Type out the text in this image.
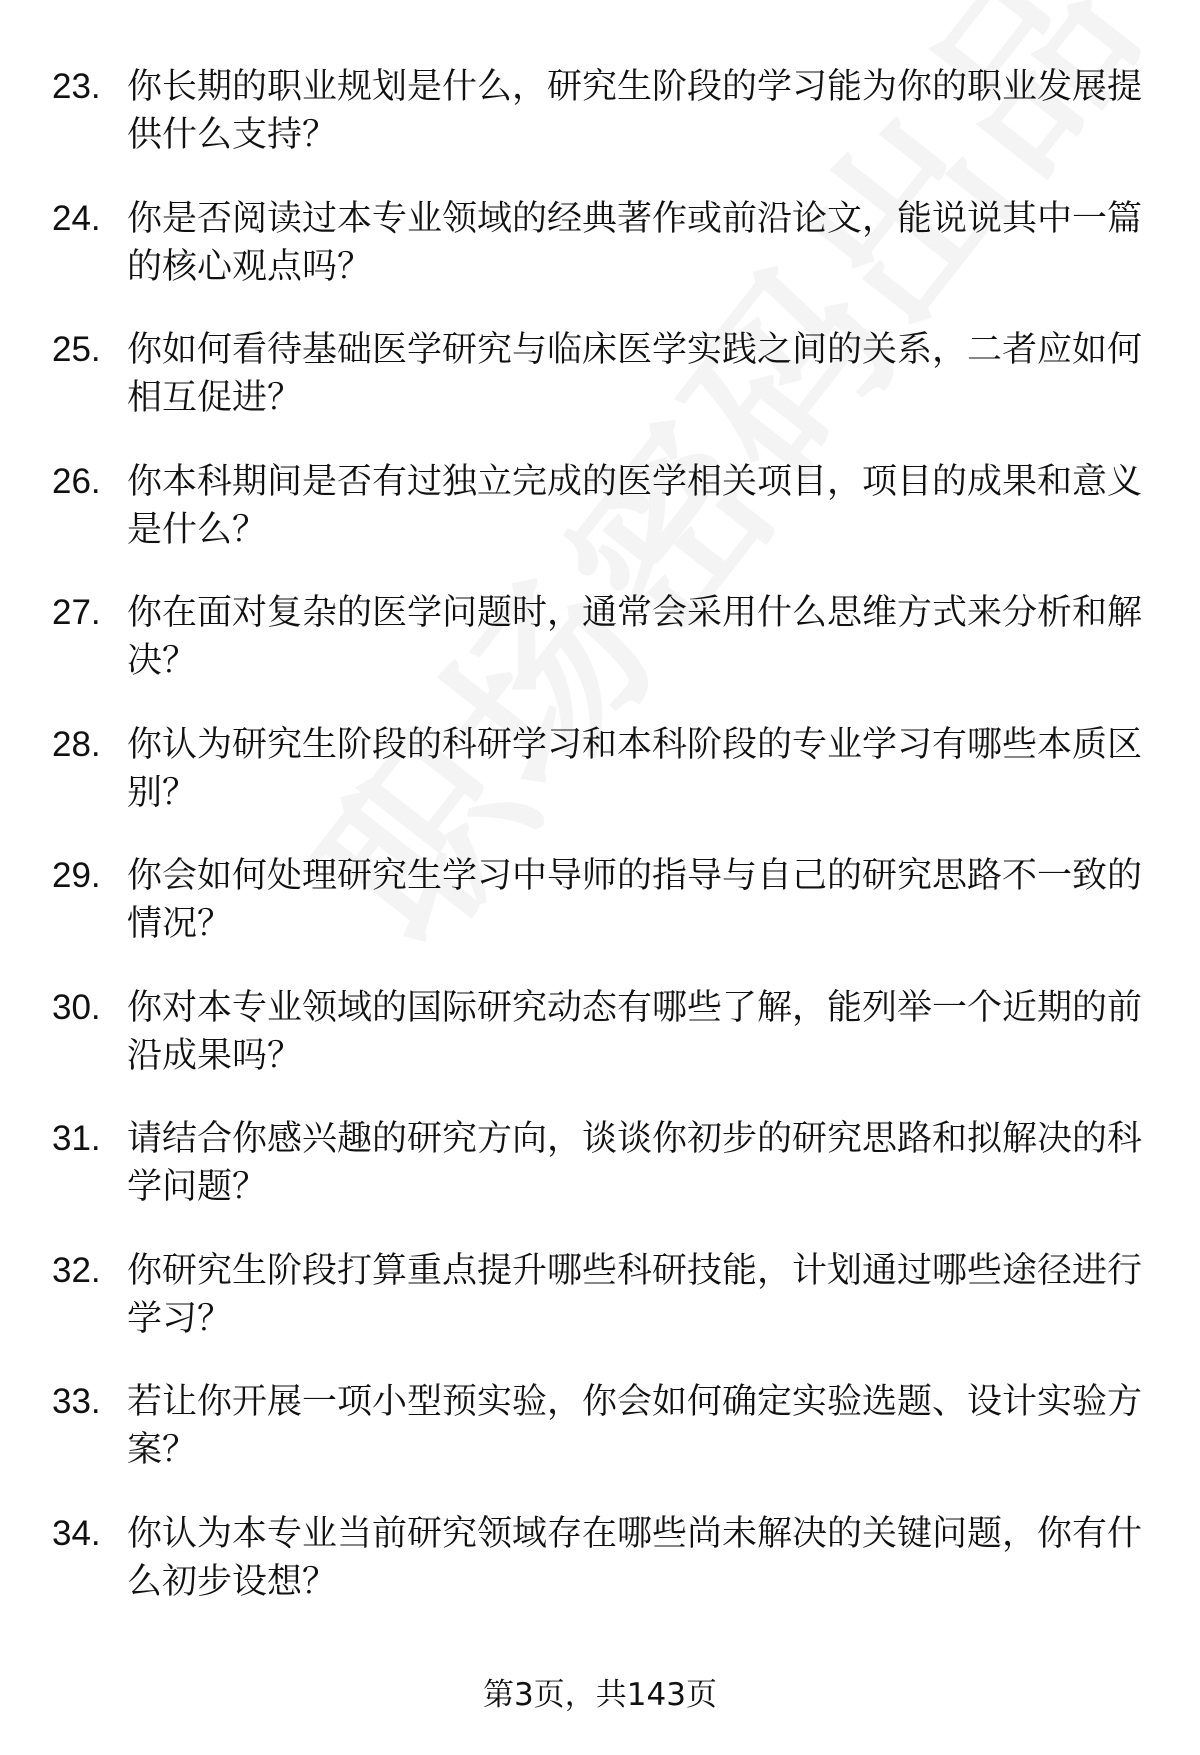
23. 你长期的职业规划是什么，研究生阶段的学习能为你的职业发展提供什么支持？
24. 你是否阅读过本专业领域的经典著作或前沿论文，能说说其中一篇的核心观点吗？
25. 你如何看待基础医学研究与临床医学实践之间的关系，二者应如何相互促进？
26. 你本科期间是否有过独立完成的医学相关项目，项目的成果和意义是什么？
27. 你在面对复杂的医学问题时，通常会采用什么思维方式来分析和解决？
28. 你认为研究生阶段的科研学习和本科阶段的专业学习有哪些本质区别？
29. 你会如何处理研究生学习中导师的指导与自己的研究思路不一致的情况？
30. 你对本专业领域的国际研究动态有哪些了解，能列举一个近期的前沿成果吗？
31. 请结合你感兴趣的研究方向，谈谈你初步的研究思路和拟解决的科学问题？
32. 你研究生阶段打算重点提升哪些科研技能，计划通过哪些途径进行学习？
33. 若让你开展一项小型预实验，你会如何确定实验选题、设计实验方案？
34. 你认为本专业当前研究领域存在哪些尚未解决的关键问题，你有什么初步设想？
第3页，共143页
